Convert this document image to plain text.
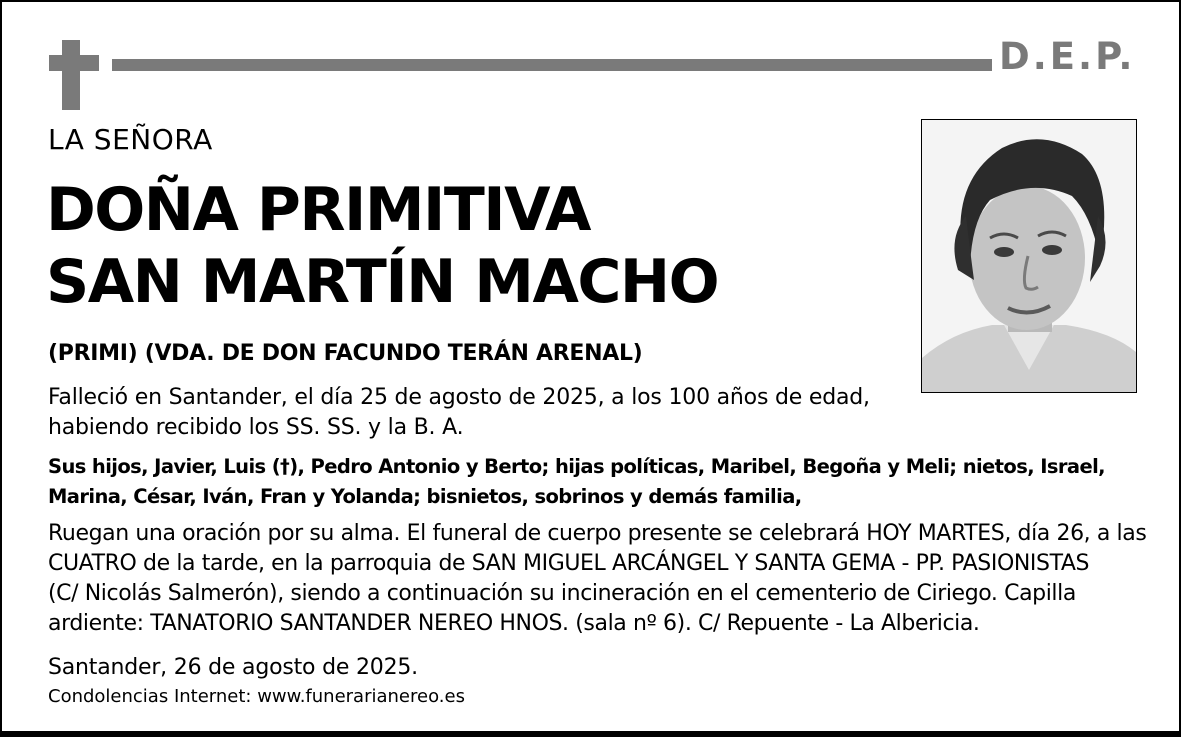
D.E.P.
LA SEÑORA
DOÑA PRIMITIVA
SAN MARTÍN MACHO
(PRIMI) (VDA. DE DON FACUNDO TERÁN ARENAL)
Falleció en Santander, el día 25 de agosto de 2025, a los 100 años de edad,
habiendo recibido los SS. SS. y la B. A.
Sus hijos, Javier, Luis (†), Pedro Antonio y Berto; hijas políticas, Maribel, Begoña y Meli; nietos, Israel,
Marina, César, Iván, Fran y Yolanda; bisnietos, sobrinos y demás familia,
Ruegan una oración por su alma. El funeral de cuerpo presente se celebrará HOY MARTES, día 26, a las
CUATRO de la tarde, en la parroquia de SAN MIGUEL ARCÁNGEL Y SANTA GEMA - PP. PASIONISTAS
(C/ Nicolás Salmerón), siendo a continuación su incineración en el cementerio de Ciriego. Capilla
ardiente: TANATORIO SANTANDER NEREO HNOS. (sala nº 6). C/ Repuente - La Albericia.
Santander, 26 de agosto de 2025.
Condolencias Internet: www.funerarianereo.es
